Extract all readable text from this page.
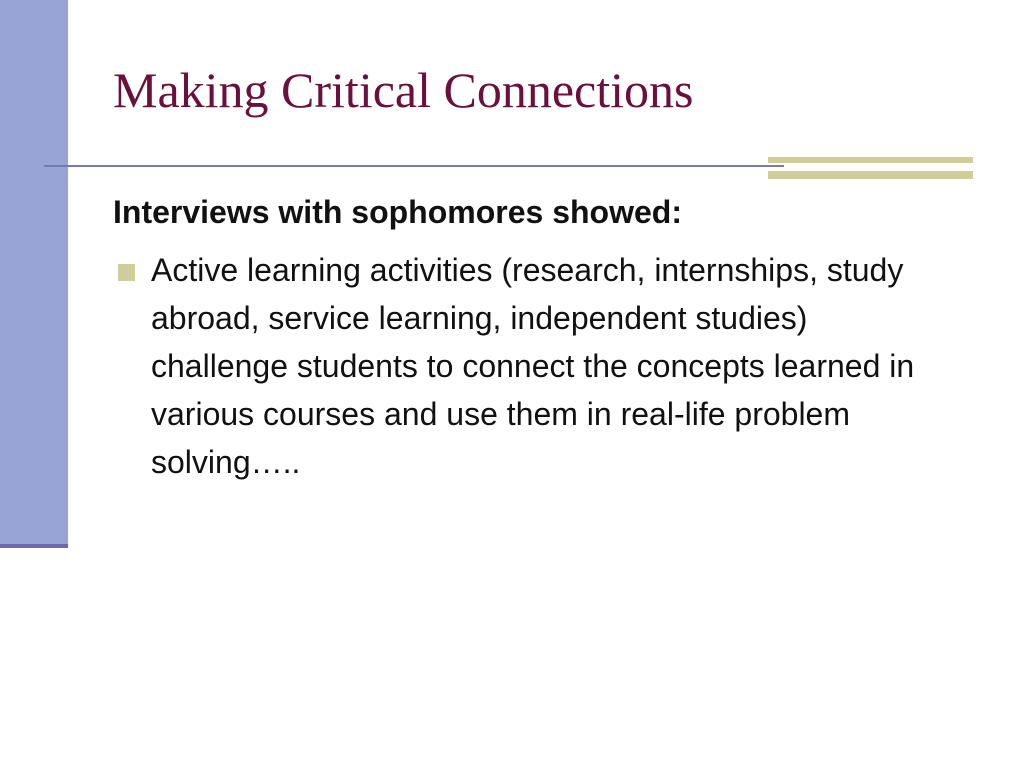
Making Critical Connections

Interviews with sophomores showed:

Active learning activities (research, internships, study abroad, service learning, independent studies) challenge students to connect the concepts learned in various courses and use them in real-life problem solving…..
